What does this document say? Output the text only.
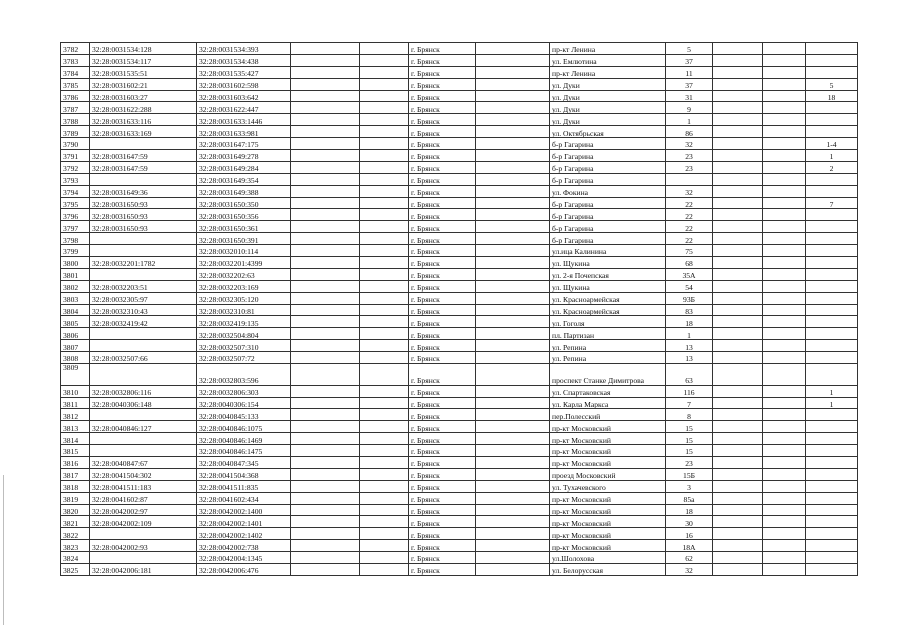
3782	32:28:0031534:128	32:28:0031534:393			г. Брянск		пр-кт Ленина	5			
3783	32:28:0031534:117	32:28:0031534:438			г. Брянск		ул. Емлютина	37			
3784	32:28:0031535:51	32:28:0031535:427			г. Брянск		пр-кт Ленина	11			
3785	32:28:0031602:21	32:28:0031602:598			г. Брянск		ул. Дуки	37			5
3786	32:28:0031603:27	32:28:0031603:642			г. Брянск		ул. Дуки	31			18
3787	32:28:0031622:288	32:28:0031622:447			г. Брянск		ул. Дуки	9			
3788	32:28:0031633:116	32:28:0031633:1446			г. Брянск		ул. Дуки	1			
3789	32:28:0031633:169	32:28:0031633:981			г. Брянск		ул. Октябрьская	86			
3790		32:28:0031647:175			г. Брянск		б-р Гагарина	32			1-4
3791	32:28:0031647:59	32:28:0031649:278			г. Брянск		б-р Гагарина	23			1
3792	32:28:0031647:59	32:28:0031649:284			г. Брянск		б-р Гагарина	23			2
3793		32:28:0031649:354			г. Брянск		б-р Гагарина				
3794	32:28:0031649:36	32:28:0031649:388			г. Брянск		ул. Фокина	32			
3795	32:28:0031650:93	32:28:0031650:350			г. Брянск		б-р Гагарина	22			7
3796	32:28:0031650:93	32:28:0031650:356			г. Брянск		б-р Гагарина	22			
3797	32:28:0031650:93	32:28:0031650:361			г. Брянск		б-р Гагарина	22			
3798		32:28:0031650:391			г. Брянск		б-р Гагарина	22			
3799		32:28:0032010:114			г. Брянск		ул.ица Калинина	75			
3800	32:28:0032201:1782	32:28:0032201:4399			г. Брянск		ул. Щукина	68			
3801		32:28:0032202:63			г. Брянск		ул. 2-я Почепская	35А			
3802	32:28:0032203:51	32:28:0032203:169			г. Брянск		ул. Щукина	54			
3803	32:28:0032305:97	32:28:0032305:120			г. Брянск		ул. Красноармейская	93Б			
3804	32:28:0032310:43	32:28:0032310:81			г. Брянск		ул. Красноармейская	83			
3805	32:28:0032419:42	32:28:0032419:135			г. Брянск		ул. Гоголя	18			
3806		32:28:0032504:804			г. Брянск		пл. Партизан	1			
3807		32:28:0032507:310			г. Брянск		ул. Репина	13			
3808	32:28:0032507:66	32:28:0032507:72			г. Брянск		ул. Репина	13			
3809		32:28:0032803:596			г. Брянск		проспект Станке Димитрова	63			
3810	32:28:0032806:116	32:28:0032806:303			г. Брянск		ул. Спартаковская	116			1
3811	32:28:0040306:148	32:28:0040306:154			г. Брянск		ул. Карла Маркса	7			1
3812		32:28:0040845:133			г. Брянск		пер.Полесский	8			
3813	32:28:0040846:127	32:28:0040846:1075			г. Брянск		пр-кт Московский	15			
3814		32:28:0040846:1469			г. Брянск		пр-кт Московский	15			
3815		32:28:0040846:1475			г. Брянск		пр-кт Московский	15			
3816	32:28:0040847:67	32:28:0040847:345			г. Брянск		пр-кт Московский	23			
3817	32:28:0041504:302	32:28:0041504:368			г. Брянск		проезд Московский	15Б			
3818	32:28:0041511:183	32:28:0041511:835			г. Брянск		ул. Тухачевского	3			
3819	32:28:0041602:87	32:28:0041602:434			г. Брянск		пр-кт Московский	85а			
3820	32:28:0042002:97	32:28:0042002:1400			г. Брянск		пр-кт Московский	18			
3821	32:28:0042002:109	32:28:0042002:1401			г. Брянск		пр-кт Московский	30			
3822		32:28:0042002:1402			г. Брянск		пр-кт Московский	16			
3823	32:28:0042002:93	32:28:0042002:738			г. Брянск		пр-кт Московский	18А			
3824		32:28:0042004:1345			г. Брянск		ул.Шолохова	62			
3825	32:28:0042006:181	32:28:0042006:476			г. Брянск		ул. Белорусская	32			
